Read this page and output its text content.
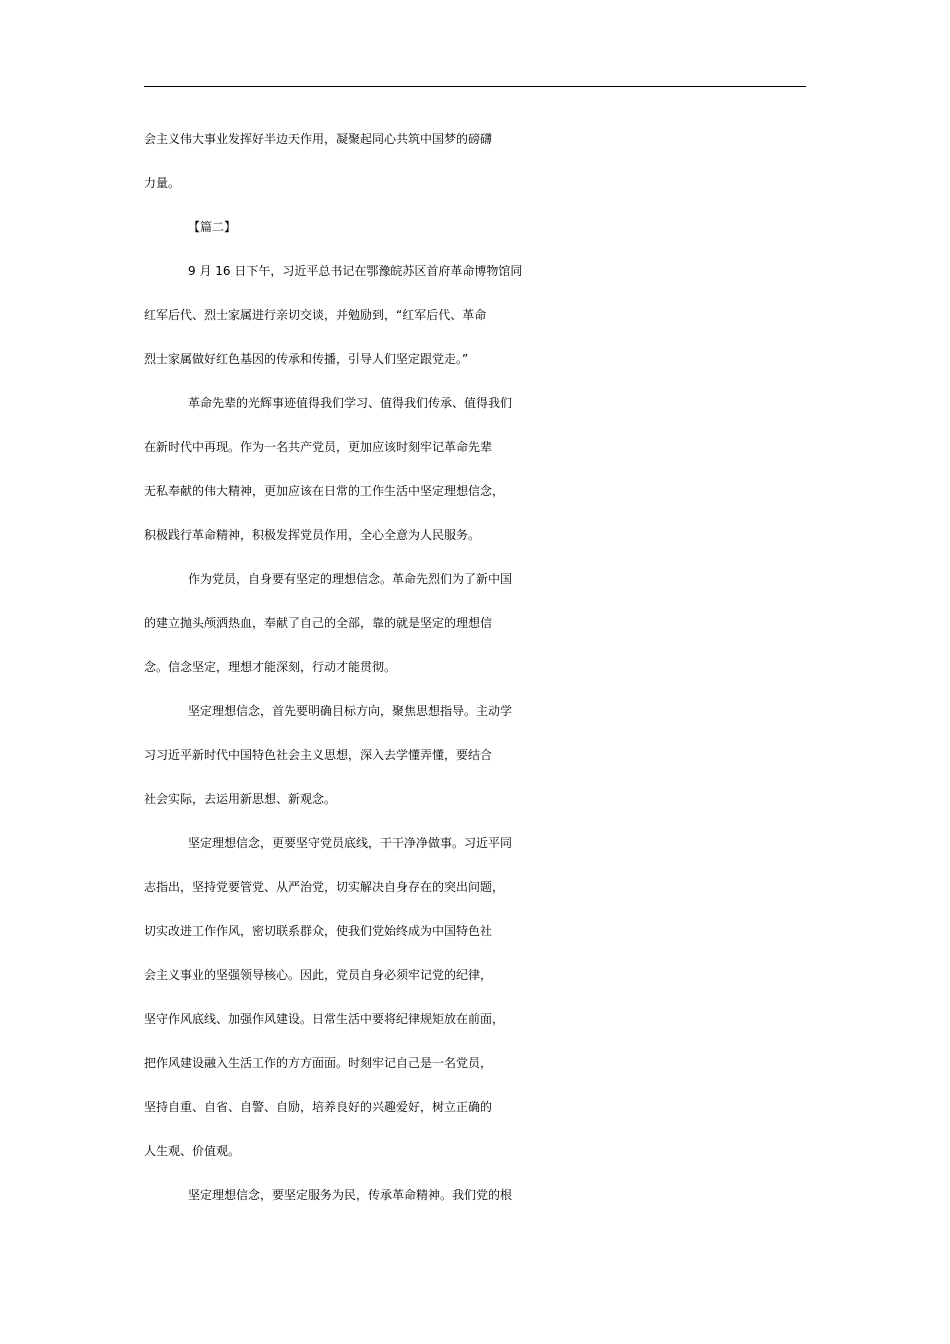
会主义伟大事业发挥好半边天作用，凝聚起同心共筑中国梦的磅礴
力量。
【篇二】
9 月 16 日下午，习近平总书记在鄂豫皖苏区首府革命博物馆同
红军后代、烈士家属进行亲切交谈，并勉励到，“红军后代、革命
烈士家属做好红色基因的传承和传播，引导人们坚定跟党走。”
革命先辈的光辉事迹值得我们学习、值得我们传承、值得我们
在新时代中再现。作为一名共产党员，更加应该时刻牢记革命先辈
无私奉献的伟大精神，更加应该在日常的工作生活中坚定理想信念，
积极践行革命精神，积极发挥党员作用，全心全意为人民服务。
作为党员，自身要有坚定的理想信念。革命先烈们为了新中国
的建立抛头颅洒热血，奉献了自己的全部，靠的就是坚定的理想信
念。信念坚定，理想才能深刻，行动才能贯彻。
坚定理想信念，首先要明确目标方向，聚焦思想指导。主动学
习习近平新时代中国特色社会主义思想，深入去学懂弄懂，要结合
社会实际，去运用新思想、新观念。
坚定理想信念，更要坚守党员底线，干干净净做事。习近平同
志指出，坚持党要管党、从严治党，切实解决自身存在的突出问题，
切实改进工作作风，密切联系群众，使我们党始终成为中国特色社
会主义事业的坚强领导核心。因此，党员自身必须牢记党的纪律，
坚守作风底线、加强作风建设。日常生活中要将纪律规矩放在前面，
把作风建设融入生活工作的方方面面。时刻牢记自己是一名党员，
坚持自重、自省、自警、自励，培养良好的兴趣爱好，树立正确的
人生观、价值观。
坚定理想信念，要坚定服务为民，传承革命精神。我们党的根
